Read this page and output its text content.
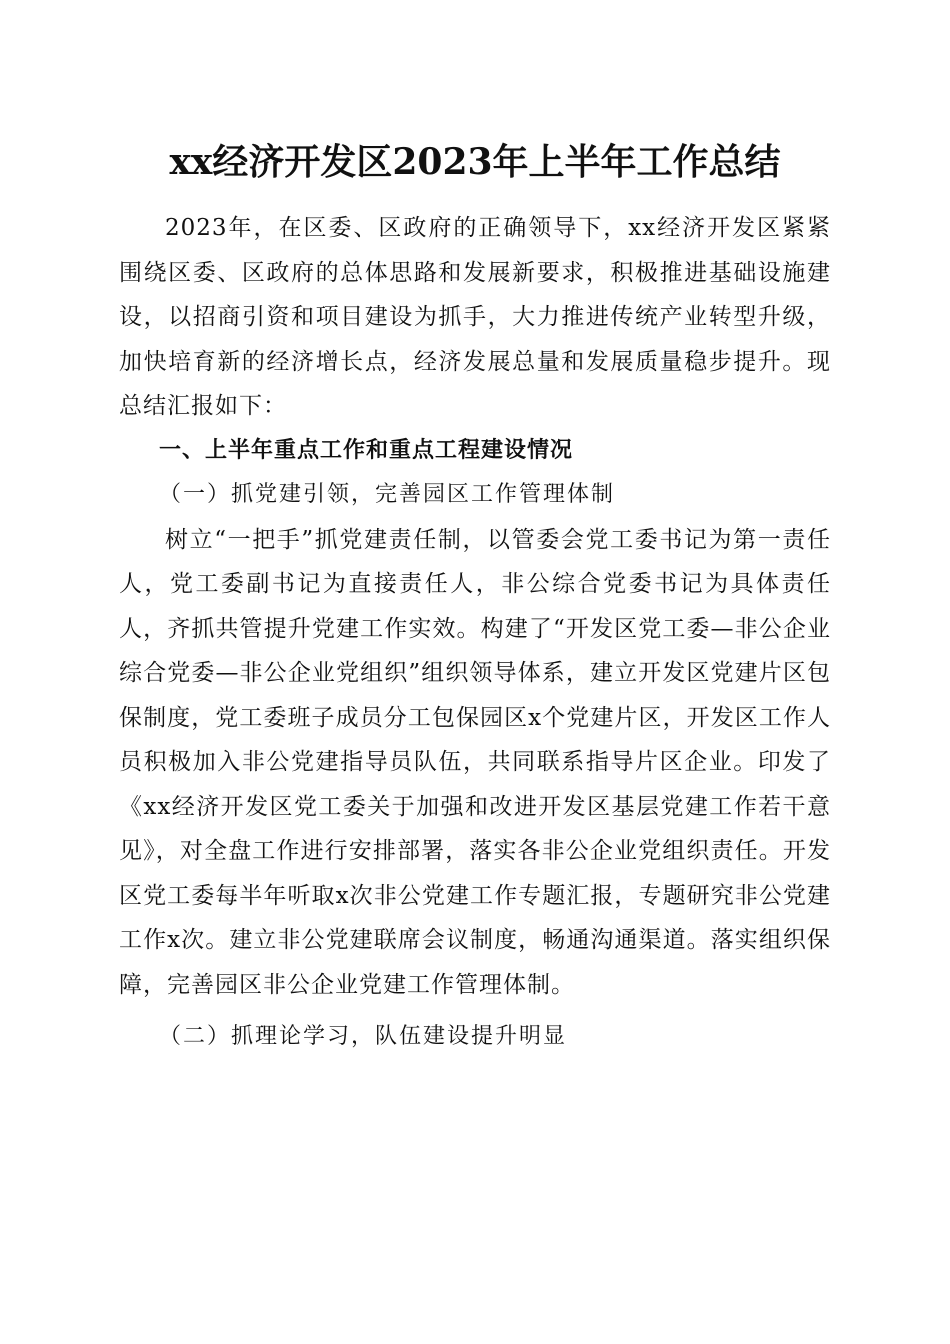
xx经济开发区2023年上半年工作总结

2023年，在区委、区政府的正确领导下，xx经济开发区紧紧围绕区委、区政府的总体思路和发展新要求，积极推进基础设施建设，以招商引资和项目建设为抓手，大力推进传统产业转型升级，加快培育新的经济增长点，经济发展总量和发展质量稳步提升。现总结汇报如下：

一、上半年重点工作和重点工程建设情况

（一）抓党建引领，完善园区工作管理体制

树立“一把手”抓党建责任制，以管委会党工委书记为第一责任人，党工委副书记为直接责任人，非公综合党委书记为具体责任人，齐抓共管提升党建工作实效。构建了“开发区党工委—非公企业综合党委—非公企业党组织”组织领导体系，建立开发区党建片区包保制度，党工委班子成员分工包保园区x个党建片区，开发区工作人员积极加入非公党建指导员队伍，共同联系指导片区企业。印发了《xx经济开发区党工委关于加强和改进开发区基层党建工作若干意见》，对全盘工作进行安排部署，落实各非公企业党组织责任。开发区党工委每半年听取x次非公党建工作专题汇报，专题研究非公党建工作x次。建立非公党建联席会议制度，畅通沟通渠道。落实组织保障，完善园区非公企业党建工作管理体制。

（二）抓理论学习，队伍建设提升明显
